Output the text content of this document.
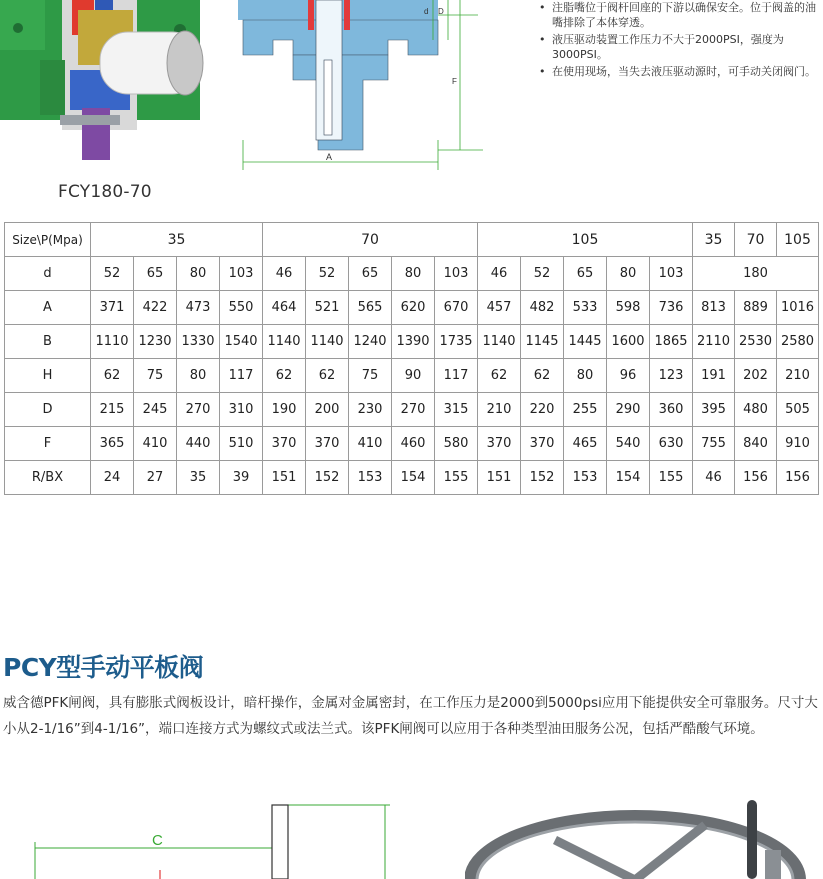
A
d D
F
FCY180-70
• 注脂嘴位于阀杆回座的下游以确保安全。位于阀盖的油嘴排除了本体穿透。
• 液压驱动装置工作压力不大于2000PSI，强度为3000PSI。
• 在使用现场，当失去液压驱动源时，可手动关闭阀门。
Size\P(Mpa)	35				70					105					35	70	105
d	52	65	80	103	46	52	65	80	103	46	52	65	80	103	180		
A	371	422	473	550	464	521	565	620	670	457	482	533	598	736	813	889	1016
B	1110	1230	1330	1540	1140	1140	1240	1390	1735	1140	1145	1445	1600	1865	2110	2530	2580
H	62	75	80	117	62	62	75	90	117	62	62	80	96	123	191	202	210
D	215	245	270	310	190	200	230	270	315	210	220	255	290	360	395	480	505
F	365	410	440	510	370	370	410	460	580	370	370	465	540	630	755	840	910
R/BX	24	27	35	39	151	152	153	154	155	151	152	153	154	155	46	156	156
PCY型手动平板阀

威含德PFK闸阀，具有膨胀式阀板设计，暗杆操作，金属对金属密封，在工作压力是2000到5000psi应用下能提供安全可靠服务。尺寸大小从2-1/16”到4-1/16”，端口连接方式为螺纹式或法兰式。该PFK闸阀可以应用于各种类型油田服务公况，包括严酷酸气环境。

C
